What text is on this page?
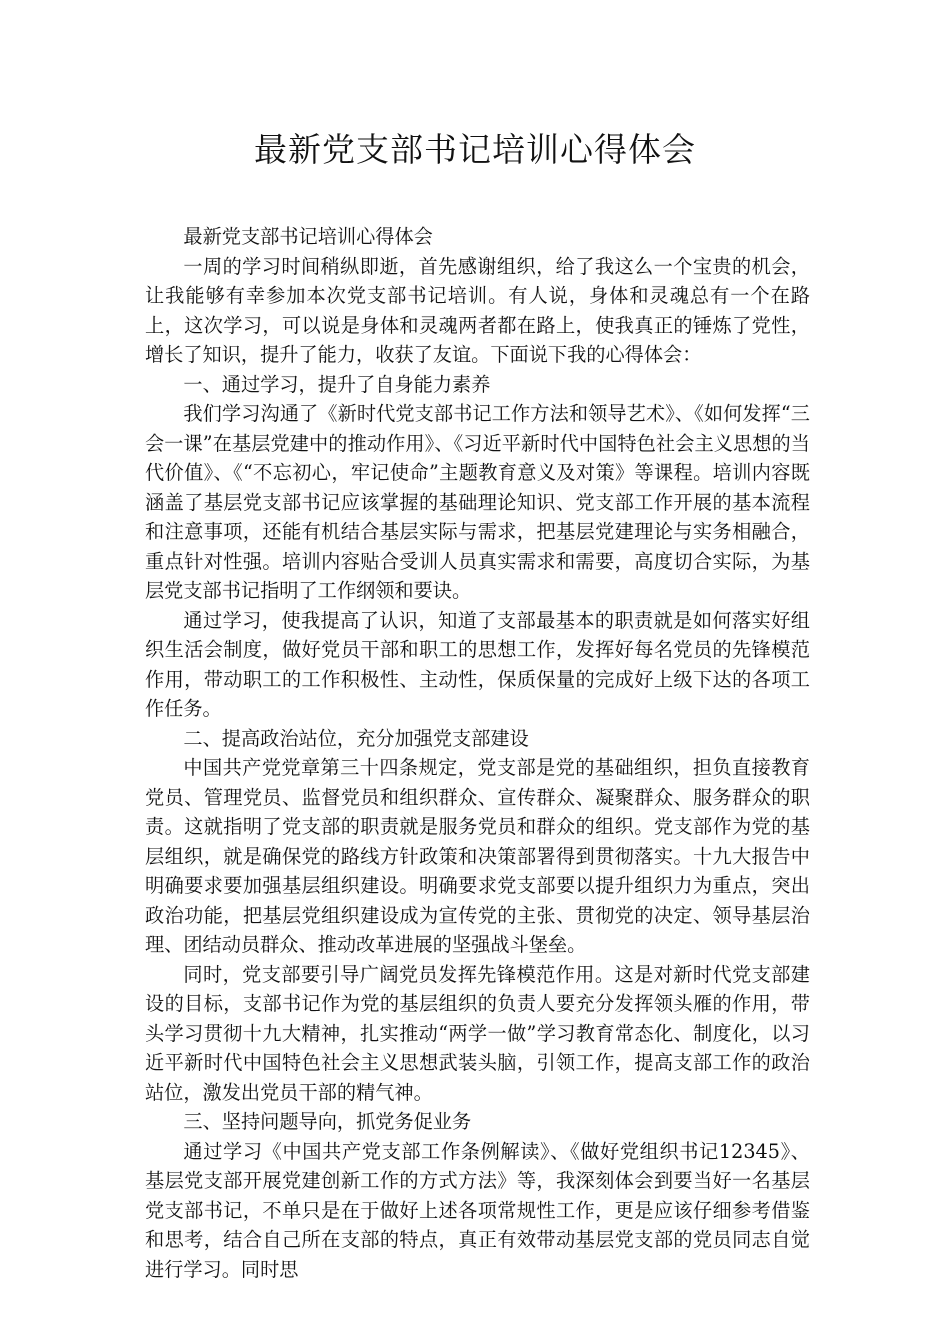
最新党支部书记培训心得体会

最新党支部书记培训心得体会

一周的学习时间稍纵即逝，首先感谢组织，给了我这么一个宝贵的机会，让我能够有幸参加本次党支部书记培训。有人说，身体和灵魂总有一个在路上，这次学习，可以说是身体和灵魂两者都在路上，使我真正的锤炼了党性，增长了知识，提升了能力，收获了友谊。下面说下我的心得体会：

一、通过学习，提升了自身能力素养

我们学习沟通了《新时代党支部书记工作方法和领导艺术》、《如何发挥“三会一课”在基层党建中的推动作用》、《习近平新时代中国特色社会主义思想的当代价值》、《“不忘初心，牢记使命”主题教育意义及对策》等课程。培训内容既涵盖了基层党支部书记应该掌握的基础理论知识、党支部工作开展的基本流程和注意事项，还能有机结合基层实际与需求，把基层党建理论与实务相融合，重点针对性强。培训内容贴合受训人员真实需求和需要，高度切合实际，为基层党支部书记指明了工作纲领和要诀。

通过学习，使我提高了认识，知道了支部最基本的职责就是如何落实好组织生活会制度，做好党员干部和职工的思想工作，发挥好每名党员的先锋模范作用，带动职工的工作积极性、主动性，保质保量的完成好上级下达的各项工作任务。

二、提高政治站位，充分加强党支部建设

中国共产党党章第三十四条规定，党支部是党的基础组织，担负直接教育党员、管理党员、监督党员和组织群众、宣传群众、凝聚群众、服务群众的职责。这就指明了党支部的职责就是服务党员和群众的组织。党支部作为党的基层组织，就是确保党的路线方针政策和决策部署得到贯彻落实。十九大报告中明确要求要加强基层组织建设。明确要求党支部要以提升组织力为重点，突出政治功能，把基层党组织建设成为宣传党的主张、贯彻党的决定、领导基层治理、团结动员群众、推动改革进展的坚强战斗堡垒。

同时，党支部要引导广阔党员发挥先锋模范作用。这是对新时代党支部建设的目标，支部书记作为党的基层组织的负责人要充分发挥领头雁的作用，带头学习贯彻十九大精神，扎实推动“两学一做”学习教育常态化、制度化，以习近平新时代中国特色社会主义思想武装头脑，引领工作，提高支部工作的政治站位，激发出党员干部的精气神。

三、坚持问题导向，抓党务促业务

通过学习《中国共产党支部工作条例解读》、《做好党组织书记12345》、基层党支部开展党建创新工作的方式方法》等，我深刻体会到要当好一名基层党支部书记，不单只是在于做好上述各项常规性工作，更是应该仔细参考借鉴和思考，结合自己所在支部的特点，真正有效带动基层党支部的党员同志自觉进行学习。同时思
